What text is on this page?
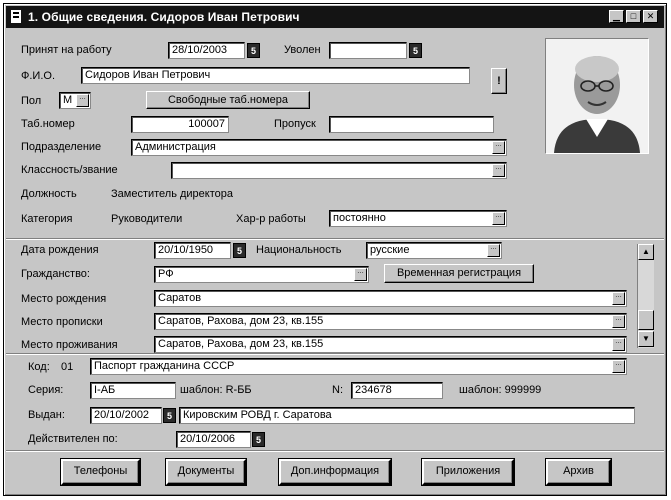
1. Общие сведения. Сидоров Иван Петрович	▁ □ ✕
Принят на работу	28/10/2003	5	Уволен	5
Ф.И.О.	Сидоров Иван Петрович	!
Пол	М …	Свободные таб.номера
Таб.номер	100007	Пропуск
Подразделение	Администрация	…
Классность/звание	…
Должность	Заместитель директора
Категория	Руководители	Хар-р работы	постоянно	…
Дата рождения	20/10/1950	5	Национальность	русские	…
Гражданство:	РФ	…	Временная регистрация
Место рождения	Саратов	…
Место прописки	Саратов, Рахова, дом 23, кв.155	…
Место проживания	Саратов, Рахова, дом 23, кв.155	…
▲
▼
Код: 01	Паспорт гражданина СССР	…
Серия:	I-АБ	шаблон: R-ББ	N:	234678	шаблон: 999999
Выдан:	20/10/2002	5	Кировским РОВД г. Саратова
Действителен по:	20/10/2006	5
Телефоны	Документы	Доп.информация	Приложения	Архив
